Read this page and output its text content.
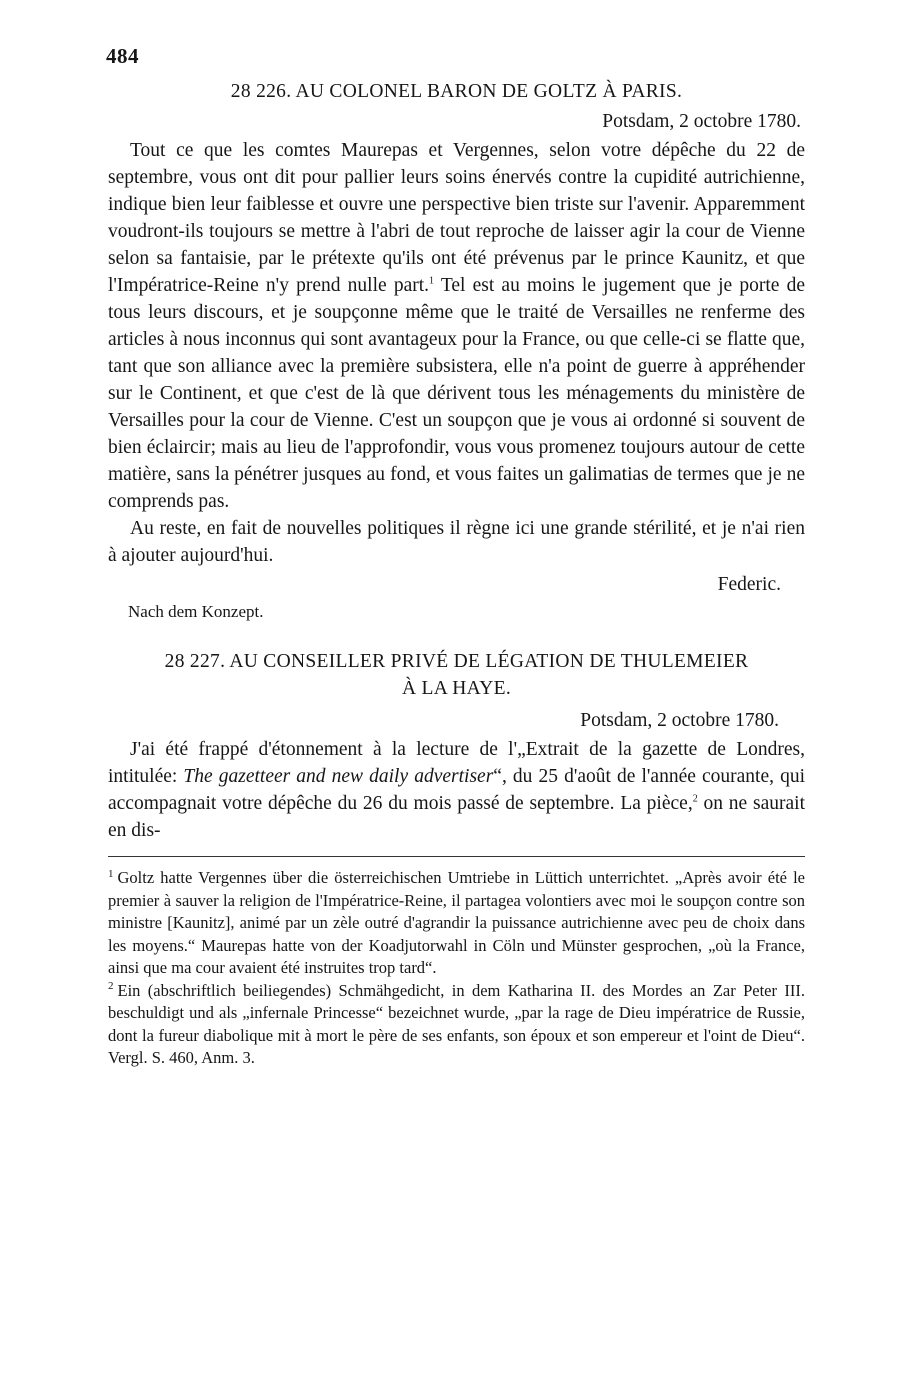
484
28 226. AU COLONEL BARON DE GOLTZ À PARIS.
Potsdam, 2 octobre 1780.

Tout ce que les comtes Maurepas et Vergennes, selon votre dépêche du 22 de septembre, vous ont dit pour pallier leurs soins énervés contre la cupidité autrichienne, indique bien leur faiblesse et ouvre une perspective bien triste sur l'avenir. Apparemment voudront-ils toujours se mettre à l'abri de tout reproche de laisser agir la cour de Vienne selon sa fantaisie, par le prétexte qu'ils ont été prévenus par le prince Kaunitz, et que l'Impératrice-Reine n'y prend nulle part.$^1$ Tel est au moins le jugement que je porte de tous leurs discours, et je soupçonne même que le traité de Versailles ne renferme des articles à nous inconnus qui sont avantageux pour la France, ou que celle-ci se flatte que, tant que son alliance avec la première subsistera, elle n'a point de guerre à appréhender sur le Continent, et que c'est de là que dérivent tous les ménagements du ministère de Versailles pour la cour de Vienne. C'est un soupçon que je vous ai ordonné si souvent de bien éclaircir; mais au lieu de l'approfondir, vous vous promenez toujours autour de cette matière, sans la pénétrer jusques au fond, et vous faites un galimatias de termes que je ne comprends pas.

Au reste, en fait de nouvelles politiques il règne ici une grande stérilité, et je n'ai rien à ajouter aujourd'hui.

Federic.
Nach dem Konzept.
28 227. AU CONSEILLER PRIVÉ DE LÉGATION DE THULEMEIER
À LA HAYE.
Potsdam, 2 octobre 1780.

J'ai été frappé d'étonnement à la lecture de l'„Extrait de la gazette de Londres, intitulée: The gazetteer and new daily advertiser“, du 25 d'août de l'année courante, qui accompagnait votre dépêche du 26 du mois passé de septembre. La pièce,$^2$ on ne saurait en dis-

$^1$ Goltz hatte Vergennes über die österreichischen Umtriebe in Lüttich unterrichtet. „Après avoir été le premier à sauver la religion de l'Impératrice-Reine, il partagea volontiers avec moi le soupçon contre son ministre [Kaunitz], animé par un zèle outré d'agrandir la puissance autrichienne avec peu de choix dans les moyens.“ Maurepas hatte von der Koadjutorwahl in Cöln und Münster gesprochen, „où la France, ainsi que ma cour avaient été instruites trop tard“.

$^2$ Ein (abschriftlich beiliegendes) Schmähgedicht, in dem Katharina II. des Mordes an Zar Peter III. beschuldigt und als „infernale Princesse“ bezeichnet wurde, „par la rage de Dieu impératrice de Russie, dont la fureur diabolique mit à mort le père de ses enfants, son époux et son empereur et l'oint de Dieu“. Vergl. S. 460, Anm. 3.
